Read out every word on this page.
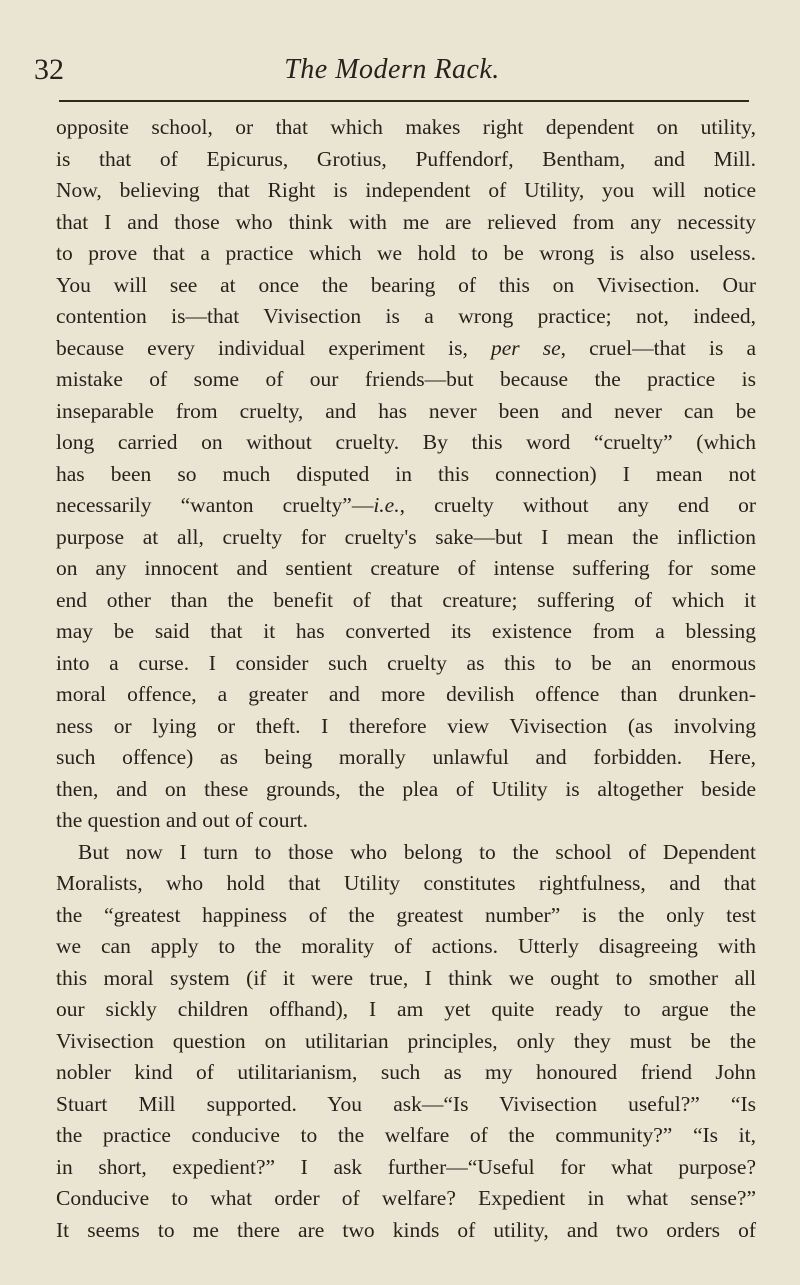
32	The Modern Rack.
opposite school, or that which makes right dependent on utility,
is that of Epicurus, Grotius, Puffendorf, Bentham, and Mill.
Now, believing that Right is independent of Utility, you will notice
that I and those who think with me are relieved from any necessity
to prove that a practice which we hold to be wrong is also useless.
You will see at once the bearing of this on Vivisection. Our
contention is—that Vivisection is a wrong practice; not, indeed,
because every individual experiment is, per se, cruel—that is a
mistake of some of our friends—but because the practice is
inseparable from cruelty, and has never been and never can be
long carried on without cruelty. By this word “cruelty” (which
has been so much disputed in this connection) I mean not
necessarily “wanton cruelty”—i.e., cruelty without any end or
purpose at all, cruelty for cruelty's sake—but I mean the infliction
on any innocent and sentient creature of intense suffering for some
end other than the benefit of that creature; suffering of which it
may be said that it has converted its existence from a blessing
into a curse. I consider such cruelty as this to be an enormous
moral offence, a greater and more devilish offence than drunken-
ness or lying or theft. I therefore view Vivisection (as involving
such offence) as being morally unlawful and forbidden. Here,
then, and on these grounds, the plea of Utility is altogether beside
the question and out of court.
But now I turn to those who belong to the school of Dependent
Moralists, who hold that Utility constitutes rightfulness, and that
the “greatest happiness of the greatest number” is the only test
we can apply to the morality of actions. Utterly disagreeing with
this moral system (if it were true, I think we ought to smother all
our sickly children offhand), I am yet quite ready to argue the
Vivisection question on utilitarian principles, only they must be the
nobler kind of utilitarianism, such as my honoured friend John
Stuart Mill supported. You ask—“Is Vivisection useful?” “Is
the practice conducive to the welfare of the community?” “Is it,
in short, expedient?” I ask further—“Useful for what purpose?
Conducive to what order of welfare? Expedient in what sense?”
It seems to me there are two kinds of utility, and two orders of
